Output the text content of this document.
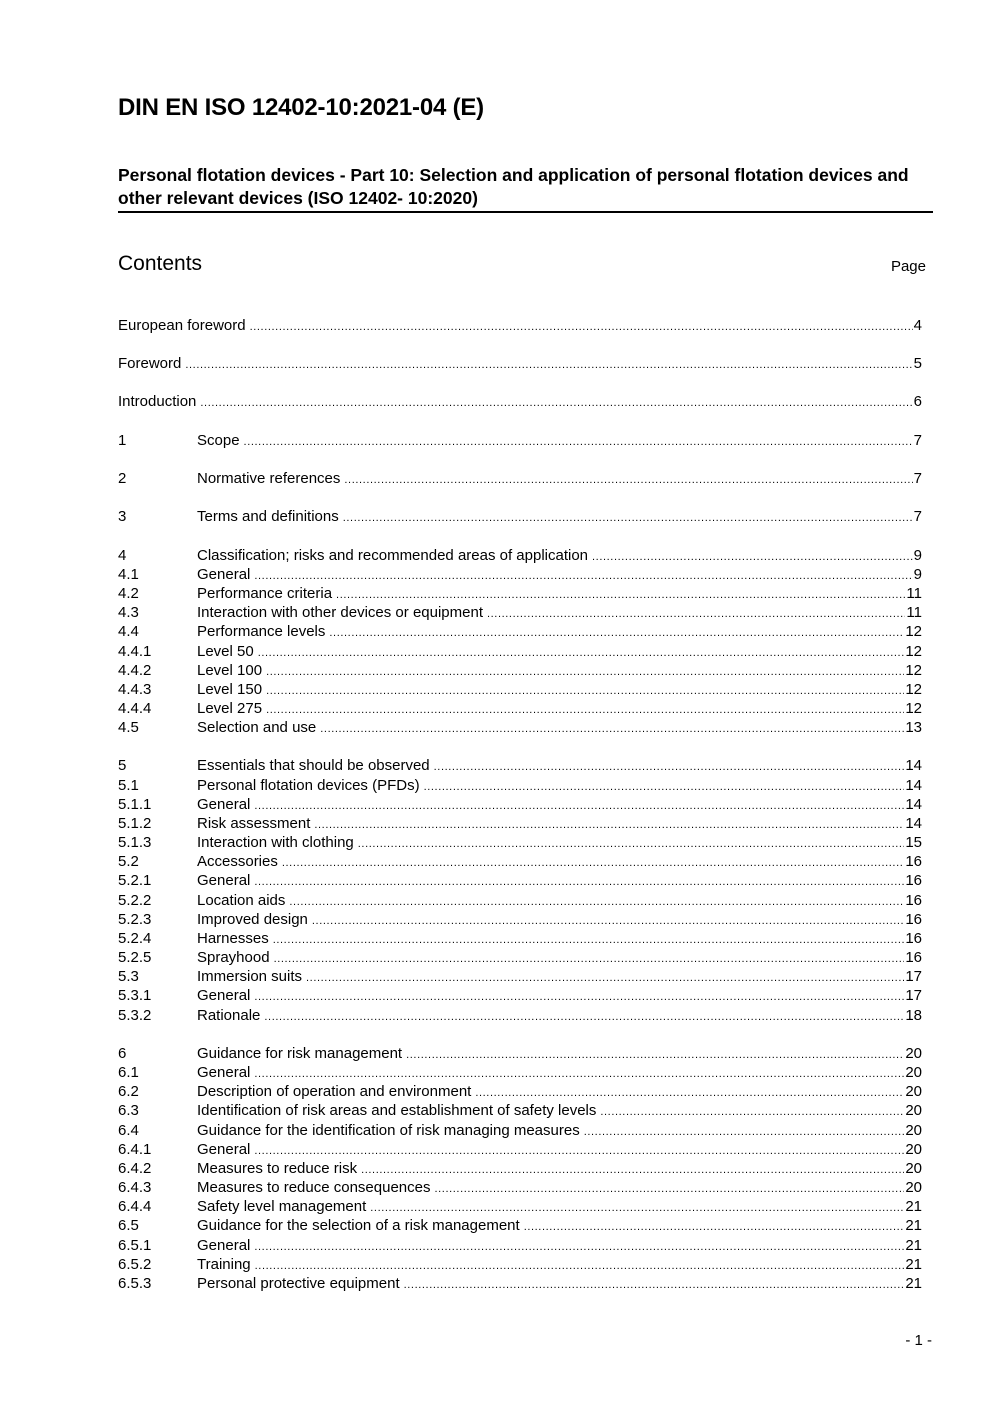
DIN EN ISO 12402-10:2021-04 (E)
Personal flotation devices - Part 10: Selection and application of personal flotation devices and other relevant devices (ISO 12402- 10:2020)
Contents	Page
European foreword .....	4
Foreword .....	5
Introduction .....	6
1	Scope .....	7
2	Normative references .....	7
3	Terms and definitions .....	7
4	Classification; risks and recommended areas of application .....	9
4.1	General .....	9
4.2	Performance criteria .....	11
4.3	Interaction with other devices or equipment .....	11
4.4	Performance levels .....	12
4.4.1	Level 50 .....	12
4.4.2	Level 100 .....	12
4.4.3	Level 150 .....	12
4.4.4	Level 275 .....	12
4.5	Selection and use .....	13
5	Essentials that should be observed .....	14
5.1	Personal flotation devices (PFDs) .....	14
5.1.1	General .....	14
5.1.2	Risk assessment .....	14
5.1.3	Interaction with clothing .....	15
5.2	Accessories .....	16
5.2.1	General .....	16
5.2.2	Location aids .....	16
5.2.3	Improved design .....	16
5.2.4	Harnesses .....	16
5.2.5	Sprayhood .....	16
5.3	Immersion suits .....	17
5.3.1	General .....	17
5.3.2	Rationale .....	18
6	Guidance for risk management .....	20
6.1	General .....	20
6.2	Description of operation and environment .....	20
6.3	Identification of risk areas and establishment of safety levels .....	20
6.4	Guidance for the identification of risk managing measures .....	20
6.4.1	General .....	20
6.4.2	Measures to reduce risk .....	20
6.4.3	Measures to reduce consequences .....	20
6.4.4	Safety level management .....	21
6.5	Guidance for the selection of a risk management .....	21
6.5.1	General .....	21
6.5.2	Training .....	21
6.5.3	Personal protective equipment .....	21
- 1 -
